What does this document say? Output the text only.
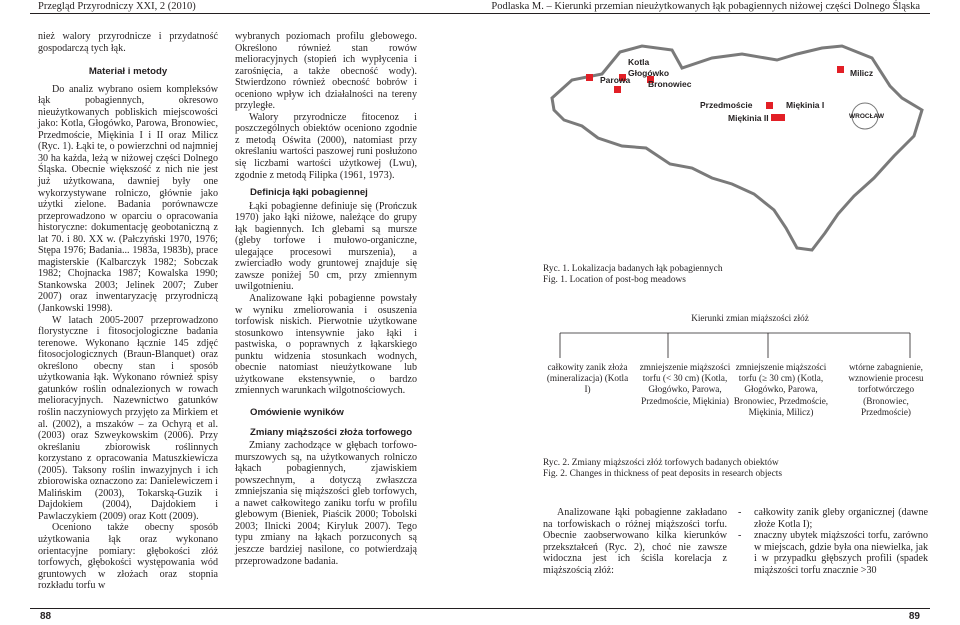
Przegląd Przyrodniczy XXI, 2 (2010)	Podlaska M. – Kierunki przemian nieużytkowanych łąk pobagiennych niżowej części Dolnego Śląska

nież walory przyrodnicze i przydatność gospodarczą tych łąk.

Materiał i metody

Do analiz wybrano osiem kompleksów łąk pobagiennych, okresowo nieużytkowanych pobliskich miejscowości jako: Kotla, Głogówko, Parowa, Bronowiec, Przedmoście, Miękinia I i II oraz Milicz (Ryc. 1). Łąki te, o powierzchni od najmniej 30 ha każda, leżą w niżowej części Dolnego Śląska. Obecnie większość z nich nie jest już użytkowana, dawniej były one wykorzystywane rolniczo, głównie jako użytki zielone. Badania porównawcze przeprowadzono w oparciu o opracowania historyczne: dokumentację geobotaniczną z lat 70. i 80. XX w. (Pałczyński 1970, 1976; Stępa 1976; Badania... 1983a, 1983b), prace magisterskie (Kalbarczyk 1982; Sobczak 1982; Chojnacka 1987; Kowalska 1990; Stankowska 2003; Jelinek 2007; Zuber 2007) oraz inwentaryzację przyrodniczą (Jankowski 1998).

W latach 2005-2007 przeprowadzono florystyczne i fitosocjologiczne badania terenowe. Wykonano łącznie 145 zdjęć fitosocjologicznych (Braun-Blanquet) oraz określono obecny stan i sposób użytkowania łąk. Wykonano również spisy gatunków roślin odnalezionych w rowach melioracyjnych. Nazewnictwo gatunków roślin naczyniowych przyjęto za Mirkiem et al. (2002), a mszaków – za Ochyrą et al. (2003) oraz Szweykowskim (2006). Przy określaniu zbiorowisk roślinnych korzystano z opracowania Matuszkiewicza (2005). Taksony roślin inwazyjnych i ich zbiorowiska oznaczono za: Danielewiczem i Malińskim (2003), Tokarską-Guzik i Dajdokiem (2004), Dajdokiem i Pawlaczykiem (2009) oraz Kott (2009).

Oceniono także obecny sposób użytkowania łąk oraz wykonano orientacyjne pomiary: głębokości złóż torfowych, głębokości występowania wód gruntowych w złożach oraz stopnia rozkładu torfu w

wybranych poziomach profilu glebowego. Określono również stan rowów melioracyjnych (stopień ich wypłycenia i zarośnięcia, a także obecność wody). Stwierdzono również obecność bobrów i oceniono wpływ ich działalności na tereny przyległe.

Walory przyrodnicze fitocenoz i poszczególnych obiektów oceniono zgodnie z metodą Oświta (2000), natomiast przy określaniu wartości paszowej runi posłużono się liczbami wartości użytkowej (Lwu), zgodnie z metodą Filipka (1961, 1973).

Definicja łąki pobagiennej

Łąki pobagienne definiuje się (Prończuk 1970) jako łąki niżowe, należące do grupy łąk bagiennych. Ich glebami są mursze (gleby torfowe i mułowo-organiczne, ulegające procesowi murszenia), a zwierciadło wody gruntowej znajduje się zawsze poniżej 50 cm, przy zmiennym uwilgotnieniu.

Analizowane łąki pobagienne powstały w wyniku zmeliorowania i osuszenia torfowisk niskich. Pierwotnie użytkowane stosunkowo intensywnie jako łąki i pastwiska, o poprawnych z łąkarskiego punktu widzenia stosunkach wodnych, obecnie natomiast nieużytkowane lub użytkowane ekstensywnie, o bardzo zmiennych warunkach wilgotnościowych.

Omówienie wyników

Zmiany miąższości złoża torfowego

Zmiany zachodzące w głębach torfowo-murszowych są, na użytkowanych rolniczo łąkach pobagiennych, zjawiskiem powszechnym, a dotyczą zwłaszcza zmniejszania się miąższości gleb torfowych, a nawet całkowitego zaniku torfu w profilu glebowym (Bieniek, Piaścik 2000; Tobolski 2003; Ilnicki 2004; Kiryluk 2007). Tego typu zmiany na łąkach porzuconych są jeszcze bardziej nasilone, co potwierdzają przeprowadzone badania.

Parowa
Kotla
Głogówko
Bronowiec
Przedmoście	Miękinia I
Miękinia II
Milicz
WROCŁAW
Ryc. 1. Lokalizacja badanych łąk pobagiennych
Fig. 1. Location of post-bog meadows
Kierunki zmian miąższości złóż
całkowity zanik złoża (mineralizacja) (Kotla I)
zmniejszenie miąższości torfu (< 30 cm) (Kotla, Głogówko, Parowa, Przedmoście, Miękinia)
zmniejszenie miąższości torfu (≥ 30 cm) (Kotla, Głogówko, Parowa, Bronowiec, Przedmoście, Miękinia, Milicz)
wtórne zabagnienie, wznowienie procesu torfotwórczego (Bronowiec, Przedmoście)
Ryc. 2. Zmiany miąższości złóż torfowych badanych obiektów
Fig. 2. Changes in thickness of peat deposits in research objects

Analizowane łąki pobagienne zakładano na torfowiskach o różnej miąższości torfu. Obecnie zaobserwowano kilka kierunków przekształceń (Ryc. 2), choć nie zawsze widoczna jest ich ściśla korelacja z miąższością złóż:

- całkowity zanik gleby organicznej (dawne złoże Kotla I);
- znaczny ubytek miąższości torfu, zarówno w miejscach, gdzie była ona niewielka, jak i w przypadku głębszych profili (spadek miąższości torfu znacznie >30
88	89
